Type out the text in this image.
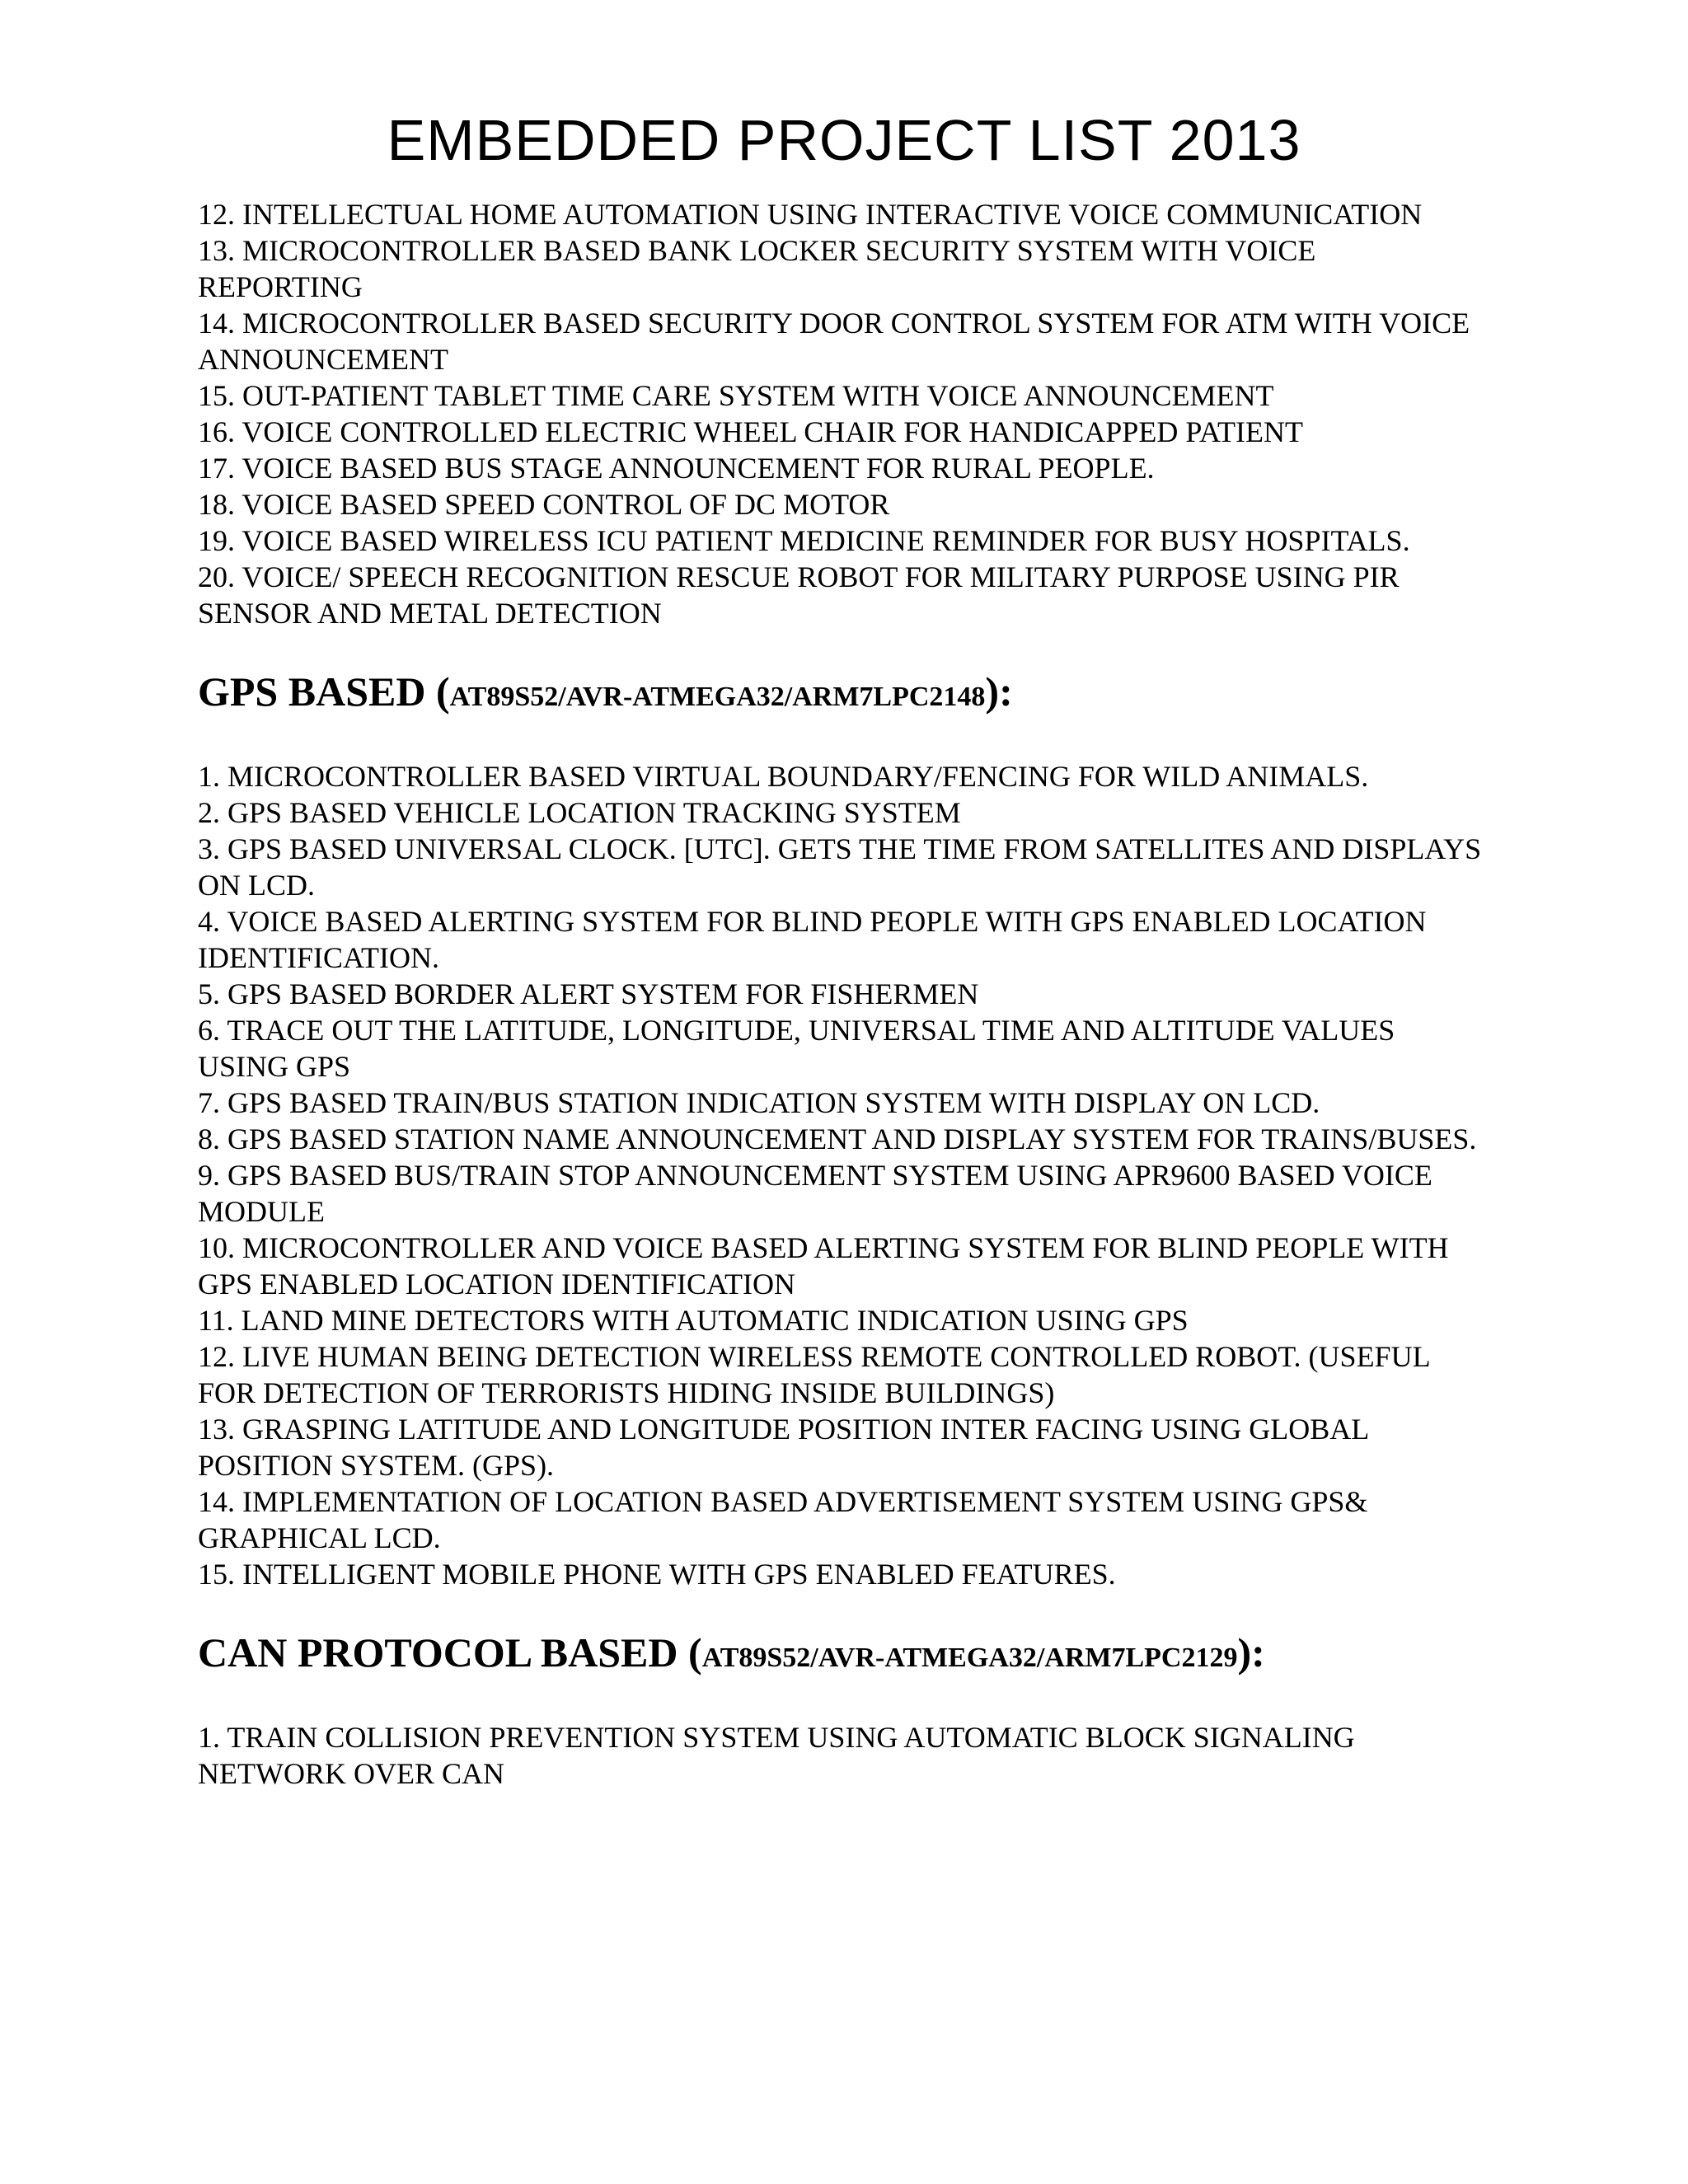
EMBEDDED PROJECT LIST 2013

12. INTELLECTUAL HOME AUTOMATION USING INTERACTIVE VOICE COMMUNICATION

13. MICROCONTROLLER BASED BANK LOCKER SECURITY SYSTEM WITH VOICE REPORTING

14. MICROCONTROLLER BASED SECURITY DOOR CONTROL SYSTEM FOR ATM WITH VOICE ANNOUNCEMENT

15. OUT-PATIENT TABLET TIME CARE SYSTEM WITH VOICE ANNOUNCEMENT

16. VOICE CONTROLLED ELECTRIC WHEEL CHAIR FOR HANDICAPPED PATIENT

17. VOICE BASED BUS STAGE ANNOUNCEMENT FOR RURAL PEOPLE.

18. VOICE BASED SPEED CONTROL OF DC MOTOR

19. VOICE BASED WIRELESS ICU PATIENT MEDICINE REMINDER FOR BUSY HOSPITALS.

20. VOICE/ SPEECH RECOGNITION RESCUE ROBOT FOR MILITARY PURPOSE USING PIR SENSOR AND METAL DETECTION

GPS BASED (AT89S52/AVR-ATMEGA32/ARM7LPC2148):

1. MICROCONTROLLER BASED VIRTUAL BOUNDARY/FENCING FOR WILD ANIMALS.

2. GPS BASED VEHICLE LOCATION TRACKING SYSTEM

3. GPS BASED UNIVERSAL CLOCK. [UTC]. GETS THE TIME FROM SATELLITES AND DISPLAYS ON LCD.

4. VOICE BASED ALERTING SYSTEM FOR BLIND PEOPLE WITH GPS ENABLED LOCATION IDENTIFICATION.

5. GPS BASED BORDER ALERT SYSTEM FOR FISHERMEN

6. TRACE OUT THE LATITUDE, LONGITUDE, UNIVERSAL TIME AND ALTITUDE VALUES USING GPS

7. GPS BASED TRAIN/BUS STATION INDICATION SYSTEM WITH DISPLAY ON LCD.

8. GPS BASED STATION NAME ANNOUNCEMENT AND DISPLAY SYSTEM FOR TRAINS/BUSES.

9. GPS BASED BUS/TRAIN STOP ANNOUNCEMENT SYSTEM USING APR9600 BASED VOICE MODULE

10. MICROCONTROLLER AND VOICE BASED ALERTING SYSTEM FOR BLIND PEOPLE WITH GPS ENABLED LOCATION IDENTIFICATION

11. LAND MINE DETECTORS WITH AUTOMATIC INDICATION USING GPS

12. LIVE HUMAN BEING DETECTION WIRELESS REMOTE CONTROLLED ROBOT. (USEFUL FOR DETECTION OF TERRORISTS HIDING INSIDE BUILDINGS)

13. GRASPING LATITUDE AND LONGITUDE POSITION INTER FACING USING GLOBAL POSITION SYSTEM. (GPS).

14. IMPLEMENTATION OF LOCATION BASED ADVERTISEMENT SYSTEM USING GPS& GRAPHICAL LCD.

15. INTELLIGENT MOBILE PHONE WITH GPS ENABLED FEATURES.

CAN PROTOCOL BASED (AT89S52/AVR-ATMEGA32/ARM7LPC2129):

1. TRAIN COLLISION PREVENTION SYSTEM USING AUTOMATIC BLOCK SIGNALING NETWORK OVER CAN
